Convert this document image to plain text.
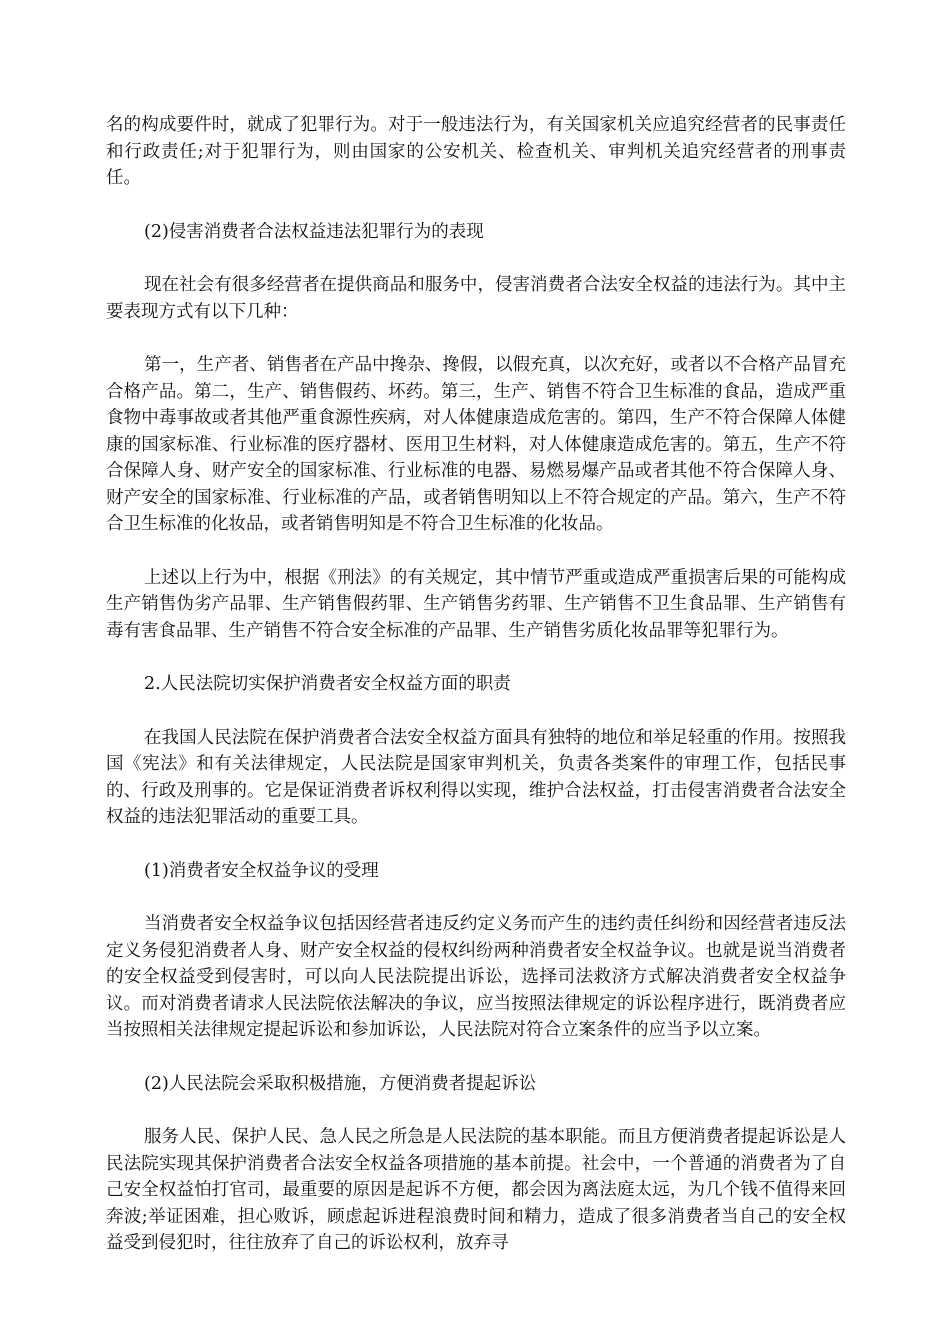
名的构成要件时，就成了犯罪行为。对于一般违法行为，有关国家机关应追究经营者的民事责任和行政责任;对于犯罪行为，则由国家的公安机关、检查机关、审判机关追究经营者的刑事责任。

(2)侵害消费者合法权益违法犯罪行为的表现

现在社会有很多经营者在提供商品和服务中，侵害消费者合法安全权益的违法行为。其中主要表现方式有以下几种：

第一，生产者、销售者在产品中搀杂、搀假，以假充真，以次充好，或者以不合格产品冒充合格产品。第二，生产、销售假药、坏药。第三，生产、销售不符合卫生标准的食品，造成严重食物中毒事故或者其他严重食源性疾病，对人体健康造成危害的。第四，生产不符合保障人体健康的国家标准、行业标准的医疗器材、医用卫生材料，对人体健康造成危害的。第五，生产不符合保障人身、财产安全的国家标准、行业标准的电器、易燃易爆产品或者其他不符合保障人身、财产安全的国家标准、行业标准的产品，或者销售明知以上不符合规定的产品。第六，生产不符合卫生标准的化妆品，或者销售明知是不符合卫生标准的化妆品。

上述以上行为中，根据《刑法》的有关规定，其中情节严重或造成严重损害后果的可能构成生产销售伪劣产品罪、生产销售假药罪、生产销售劣药罪、生产销售不卫生食品罪、生产销售有毒有害食品罪、生产销售不符合安全标准的产品罪、生产销售劣质化妆品罪等犯罪行为。

2.人民法院切实保护消费者安全权益方面的职责

在我国人民法院在保护消费者合法安全权益方面具有独特的地位和举足轻重的作用。按照我国《宪法》和有关法律规定，人民法院是国家审判机关，负责各类案件的审理工作，包括民事的、行政及刑事的。它是保证消费者诉权利得以实现，维护合法权益，打击侵害消费者合法安全权益的违法犯罪活动的重要工具。

(1)消费者安全权益争议的受理

当消费者安全权益争议包括因经营者违反约定义务而产生的违约责任纠纷和因经营者违反法定义务侵犯消费者人身、财产安全权益的侵权纠纷两种消费者安全权益争议。也就是说当消费者的安全权益受到侵害时，可以向人民法院提出诉讼，选择司法救济方式解决消费者安全权益争议。而对消费者请求人民法院依法解决的争议，应当按照法律规定的诉讼程序进行，既消费者应当按照相关法律规定提起诉讼和参加诉讼，人民法院对符合立案条件的应当予以立案。

(2)人民法院会采取积极措施，方便消费者提起诉讼

服务人民、保护人民、急人民之所急是人民法院的基本职能。而且方便消费者提起诉讼是人民法院实现其保护消费者合法安全权益各项措施的基本前提。社会中，一个普通的消费者为了自己安全权益怕打官司，最重要的原因是起诉不方便，都会因为离法庭太远，为几个钱不值得来回奔波;举证困难，担心败诉，顾虑起诉进程浪费时间和精力，造成了很多消费者当自己的安全权益受到侵犯时，往往放弃了自己的诉讼权利，放弃寻
